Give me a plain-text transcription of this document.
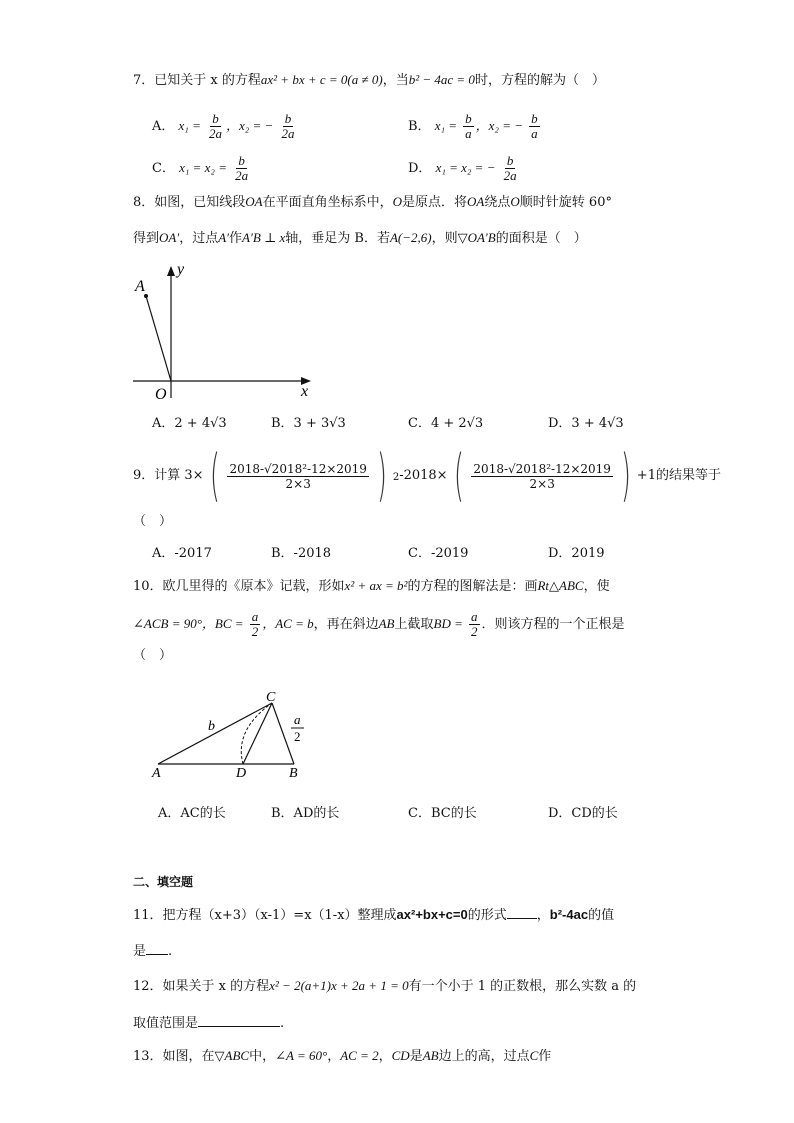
7．已知关于 x 的方程ax² + bx + c = 0(a ≠ 0)，当b² − 4ac = 0时，方程的解为（　）
A． $x_1 = \frac{b}{2a}$ ，x₂ = − $\frac{b}{2a}$	B． $x_1 = \frac{b}{a}$ ，x₂ = − $\frac{b}{a}$
C． $x_1 = x_2 = \frac{b}{2a}$	D． x₁ = x₂ = − $\frac{b}{2a}$
8．如图，已知线段OA在平面直角坐标系中，O是原点．将OA绕点O顺时针旋转 60°
得到OA′，过点A′作A′B ⊥ x轴，垂足为 B．若A(−2,6)，则▽OA′B的面积是（　）
A
y
O	x
A．2 + 4√3	B．3 + 3√3	C．4 + 2√3	D．3 + 4√3
9．计算 3× ( $\frac{\text{2018-√2018²-12×2019}}{2\times 3}$ ) 2 -2018× ( $\frac{\text{2018-√2018²-12×2019}}{2\times 3}$ ) +1的结果等于
（　）
A．-2017	B．-2018	C．-2019	D．2019
10．欧几里得的《原本》记载，形如x² + ax = b²的方程的图解法是：画Rt△ABC，使
∠ACB = 90°，BC = $\frac{a}{2}$ ，AC = b，再在斜边AB上截取BD = $\frac{a}{2}$ ．则该方程的一个正根是
（　）
C
b	a
2
A	D	B
A．AC的长	B．AD的长	C．BC的长	D．CD的长
二、填空题
11．把方程（x+3）（x-1）=x（1-x）整理成ax²+bx+c=0的形式 ，b²-4ac的值
是 .
12．如果关于 x 的方程x² − 2(a+1)x + 2a + 1 = 0有一个小于 1 的正数根，那么实数 a 的
取值范围是	.
13．如图，在▽ABC中，∠A = 60°，AC = 2，CD是AB边上的高，过点C作
